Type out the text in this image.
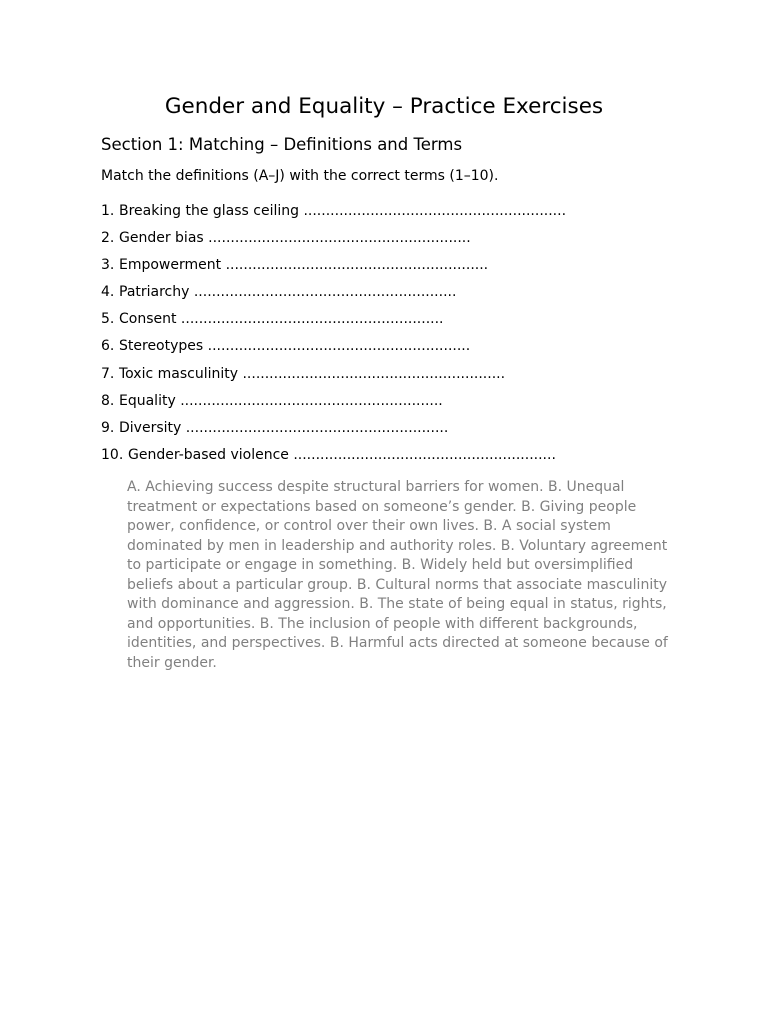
Gender and Equality – Practice Exercises
Section 1: Matching – Definitions and Terms

Match the definitions (A–J) with the correct terms (1–10).

1. Breaking the glass ceiling ...........................................................
2. Gender bias ...........................................................
3. Empowerment ...........................................................
4. Patriarchy ...........................................................
5. Consent ...........................................................
6. Stereotypes ...........................................................
7. Toxic masculinity ...........................................................
8. Equality ...........................................................
9. Diversity ...........................................................
10. Gender-based violence ...........................................................

A. Achieving success despite structural barriers for women. B. Unequal treatment or expectations based on someone’s gender. B. Giving people power, confidence, or control over their own lives. B. A social system dominated by men in leadership and authority roles. B. Voluntary agreement to participate or engage in something. B. Widely held but oversimplified beliefs about a particular group. B. Cultural norms that associate masculinity with dominance and aggression. B. The state of being equal in status, rights, and opportunities. B. The inclusion of people with different backgrounds, identities, and perspectives. B. Harmful acts directed at someone because of their gender.
